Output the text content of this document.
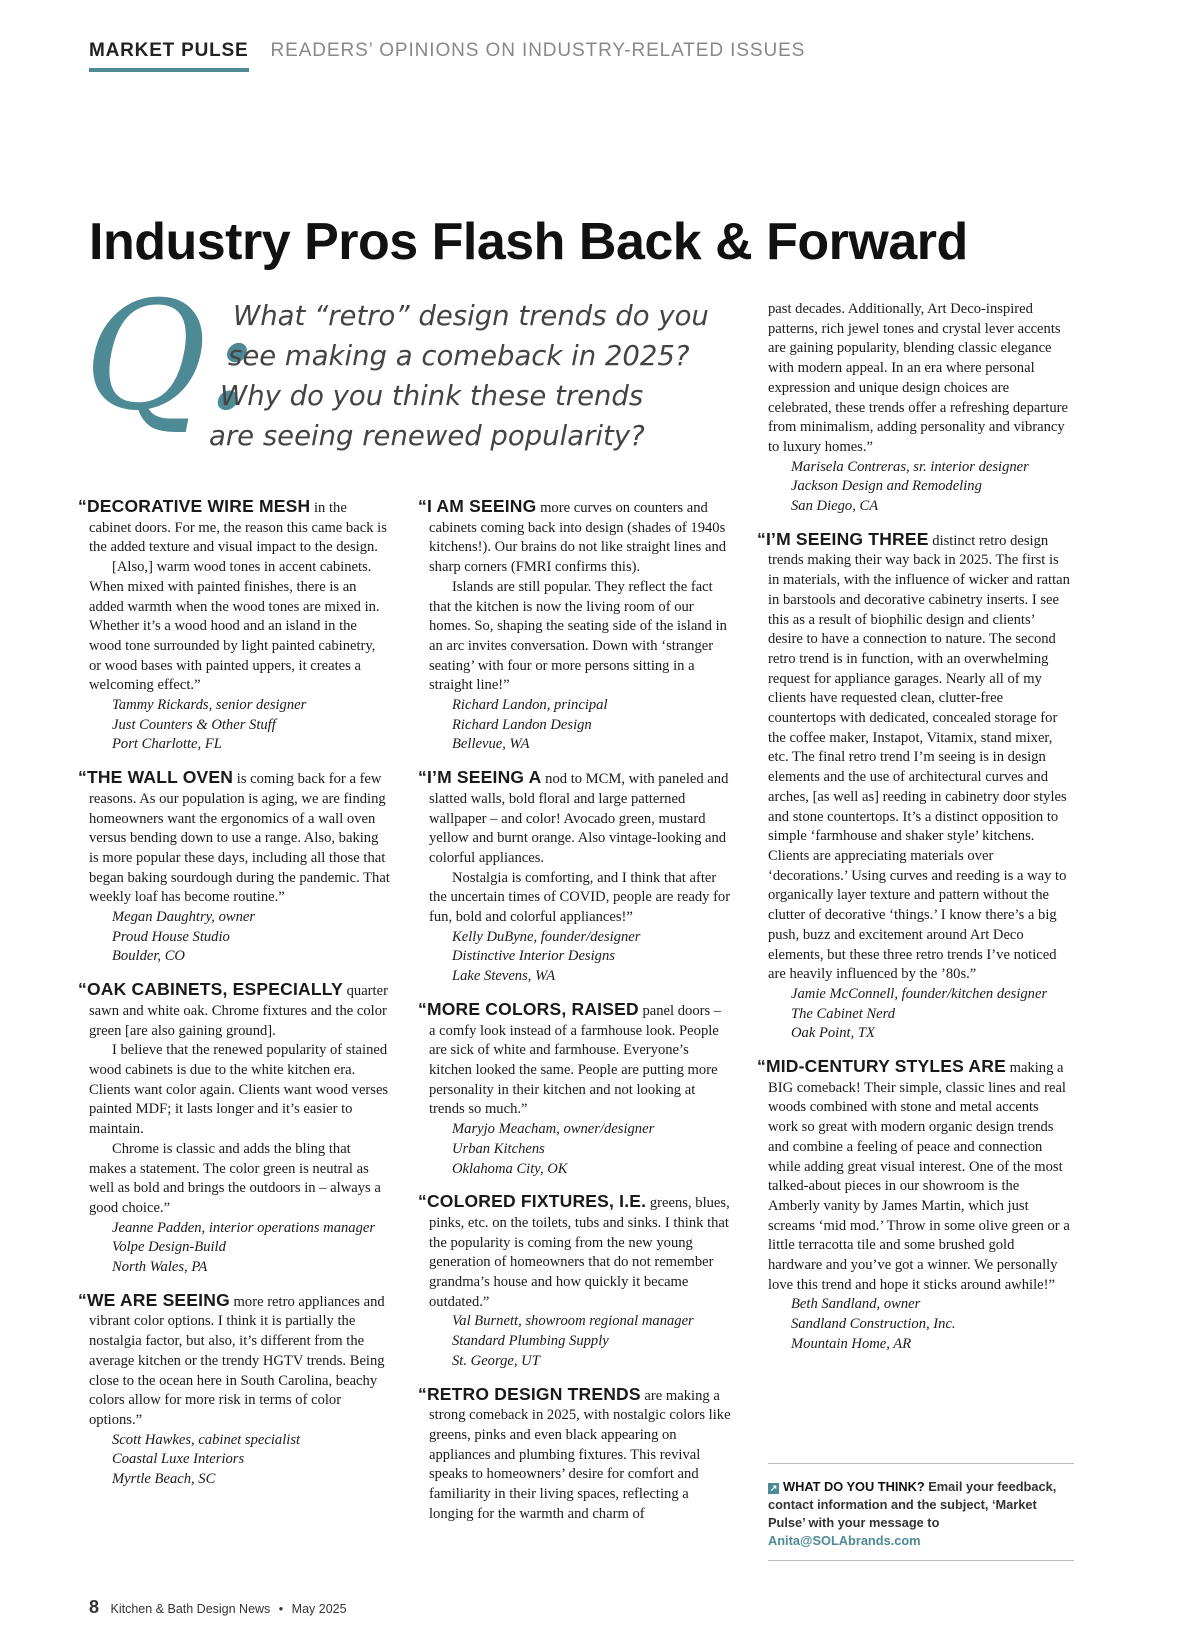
MARKET PULSE READERS’ OPINIONS ON INDUSTRY-RELATED ISSUES
Industry Pros Flash Back & Forward
Q:
What “retro” design trends do you
see making a comeback in 2025?
Why do you think these trends
are seeing renewed popularity?

“DECORATIVE WIRE MESH in the cabinet doors. For me, the reason this came back is the added texture and visual impact to the design.

[Also,] warm wood tones in accent cabinets. When mixed with painted finishes, there is an added warmth when the wood tones are mixed in. Whether it’s a wood hood and an island in the wood tone surrounded by light painted cabinetry, or wood bases with painted uppers, it creates a welcoming effect.”

Tammy Rickards, senior designer
Just Counters & Other Stuff
Port Charlotte, FL

“THE WALL OVEN is coming back for a few reasons. As our population is aging, we are finding homeowners want the ergonomics of a wall oven versus bending down to use a range. Also, baking is more popular these days, including all those that began baking sourdough during the pandemic. That weekly loaf has become routine.”

Megan Daughtry, owner
Proud House Studio
Boulder, CO

“OAK CABINETS, ESPECIALLY quarter sawn and white oak. Chrome fixtures and the color green [are also gaining ground].

I believe that the renewed popularity of stained wood cabinets is due to the white kitchen era. Clients want color again. Clients want wood verses painted MDF; it lasts longer and it’s easier to maintain.

Chrome is classic and adds the bling that makes a statement. The color green is neutral as well as bold and brings the outdoors in – always a good choice.”

Jeanne Padden, interior operations manager
Volpe Design-Build
North Wales, PA

“WE ARE SEEING more retro appliances and vibrant color options. I think it is partially the nostalgia factor, but also, it’s different from the average kitchen or the trendy HGTV trends. Being close to the ocean here in South Carolina, beachy colors allow for more risk in terms of color options.”

Scott Hawkes, cabinet specialist
Coastal Luxe Interiors
Myrtle Beach, SC

“I AM SEEING more curves on counters and cabinets coming back into design (shades of 1940s kitchens!). Our brains do not like straight lines and sharp corners (FMRI confirms this).

Islands are still popular. They reflect the fact that the kitchen is now the living room of our homes. So, shaping the seating side of the island in an arc invites conversation. Down with ‘stranger seating’ with four or more persons sitting in a straight line!”

Richard Landon, principal
Richard Landon Design
Bellevue, WA

“I’M SEEING A nod to MCM, with paneled and slatted walls, bold floral and large patterned wallpaper – and color! Avocado green, mustard yellow and burnt orange. Also vintage-looking and colorful appliances.

Nostalgia is comforting, and I think that after the uncertain times of COVID, people are ready for fun, bold and colorful appliances!”

Kelly DuByne, founder/designer
Distinctive Interior Designs
Lake Stevens, WA

“MORE COLORS, RAISED panel doors – a comfy look instead of a farmhouse look. People are sick of white and farmhouse. Everyone’s kitchen looked the same. People are putting more personality in their kitchen and not looking at trends so much.”

Maryjo Meacham, owner/designer
Urban Kitchens
Oklahoma City, OK

“COLORED FIXTURES, I.E. greens, blues, pinks, etc. on the toilets, tubs and sinks. I think that the popularity is coming from the new young generation of homeowners that do not remember grandma’s house and how quickly it became outdated.”

Val Burnett, showroom regional manager
Standard Plumbing Supply
St. George, UT

“RETRO DESIGN TRENDS are making a strong comeback in 2025, with nostalgic colors like greens, pinks and even black appearing on appliances and plumbing fixtures. This revival speaks to homeowners’ desire for comfort and familiarity in their living spaces, reflecting a longing for the warmth and charm of

past decades. Additionally, Art Deco-inspired patterns, rich jewel tones and crystal lever accents are gaining popularity, blending classic elegance with modern appeal. In an era where personal expression and unique design choices are celebrated, these trends offer a refreshing departure from minimalism, adding personality and vibrancy to luxury homes.”

Marisela Contreras, sr. interior designer
Jackson Design and Remodeling
San Diego, CA

“I’M SEEING THREE distinct retro design trends making their way back in 2025. The first is in materials, with the influence of wicker and rattan in barstools and decorative cabinetry inserts. I see this as a result of biophilic design and clients’ desire to have a connection to nature. The second retro trend is in function, with an overwhelming request for appliance garages. Nearly all of my clients have requested clean, clutter-free countertops with dedicated, concealed storage for the coffee maker, Instapot, Vitamix, stand mixer, etc. The final retro trend I’m seeing is in design elements and the use of architectural curves and arches, [as well as] reeding in cabinetry door styles and stone countertops. It’s a distinct opposition to simple ‘farmhouse and shaker style’ kitchens. Clients are appreciating materials over ‘decorations.’ Using curves and reeding is a way to organically layer texture and pattern without the clutter of decorative ‘things.’ I know there’s a big push, buzz and excitement around Art Deco elements, but these three retro trends I’ve noticed are heavily influenced by the ’80s.”

Jamie McConnell, founder/kitchen designer
The Cabinet Nerd
Oak Point, TX

“MID-CENTURY STYLES ARE making a BIG comeback! Their simple, classic lines and real woods combined with stone and metal accents work so great with modern organic design trends and combine a feeling of peace and connection while adding great visual interest. One of the most talked-about pieces in our showroom is the Amberly vanity by James Martin, which just screams ‘mid mod.’ Throw in some olive green or a little terracotta tile and some brushed gold hardware and you’ve got a winner. We personally love this trend and hope it sticks around awhile!”

Beth Sandland, owner
Sandland Construction, Inc.
Mountain Home, AR
↗ WHAT DO YOU THINK? Email your feedback, contact information and the subject, ‘Market Pulse’ with your message to Anita@SOLAbrands.com
8 Kitchen & Bath Design News • May 2025
